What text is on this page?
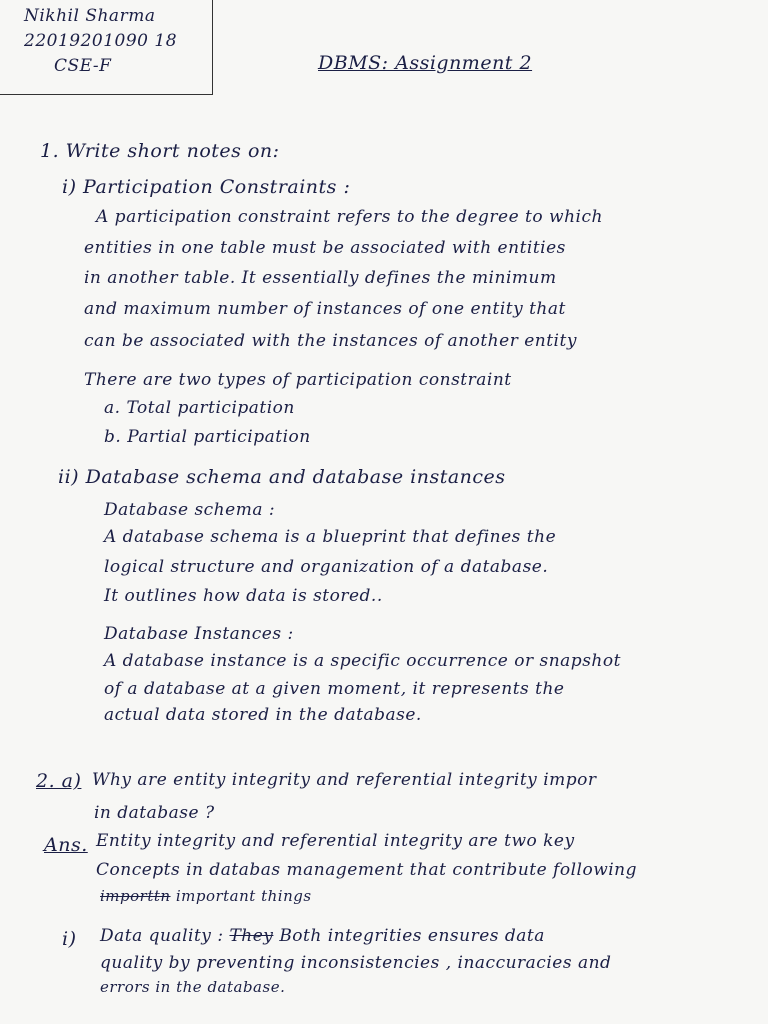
Nikhil Sharma
22019201090 18
CSE-F	DBMS: Assignment 2
1. Write short notes on:
i) Participation Constraints :
A participation constraint refers to the degree to which
entities in one table must be associated with entities
in another table. It essentially defines the minimum
and maximum number of instances of one entity that
can be associated with the instances of another entity
There are two types of participation constraint
a. Total participation
b. Partial participation
ii) Database schema and database instances
Database schema :
A database schema is a blueprint that defines the
logical structure and organization of a database.
It outlines how data is stored..
Database Instances :
A database instance is a specific occurrence or snapshot
of a database at a given moment, it represents the
actual data stored in the database.
2. a) Why are entity integrity and referential integrity impor
in database ?
Ans. Entity integrity and referential integrity are two key
Concepts in databas management that contribute following
importtn important things
i) Data quality : They Both integrities ensures data
quality by preventing inconsistencies , inaccuracies and
errors in the database.
